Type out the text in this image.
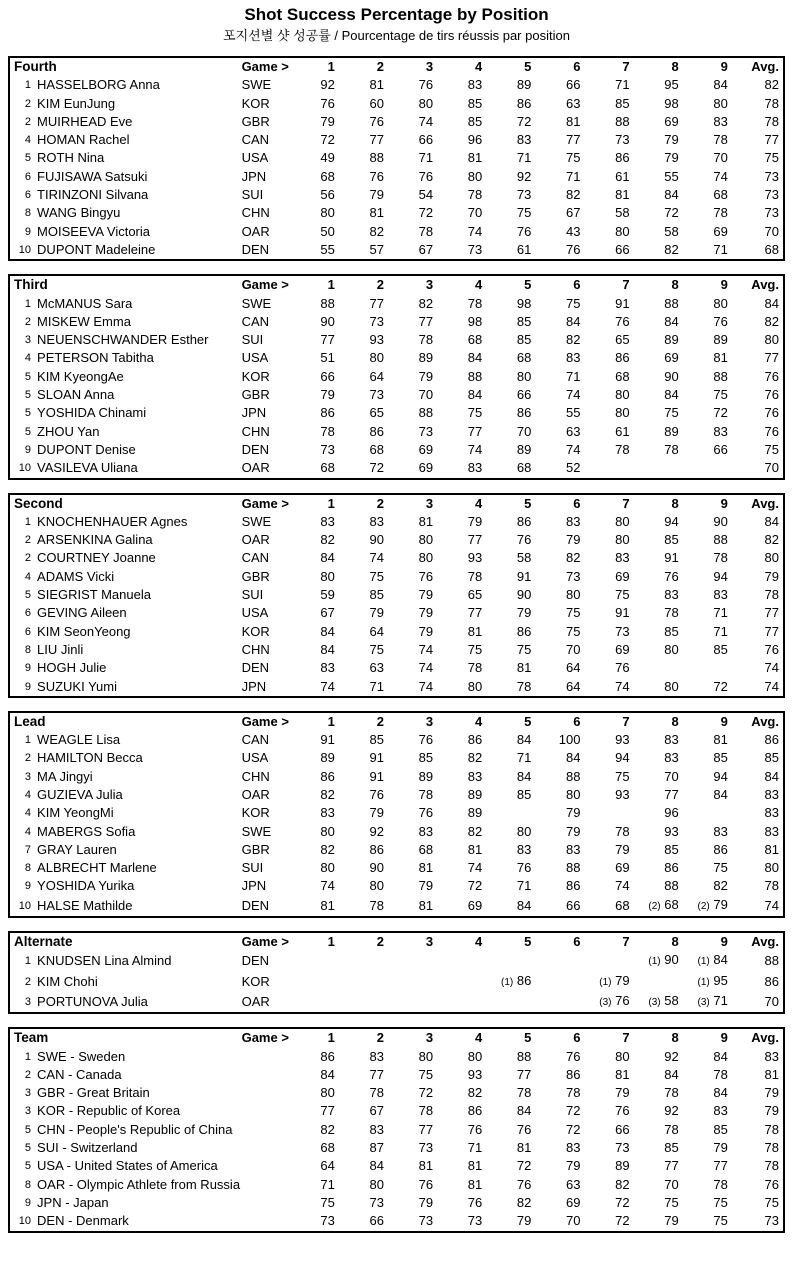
Shot Success Percentage by Position
포지션별 샷 성공률 / Pourcentage de tirs réussis par position
Fourth		Game >	1	2	3	4	5	6	7	8	9	Avg.
1	HASSELBORG Anna	SWE	92	81	76	83	89	66	71	95	84	82
2	KIM EunJung	KOR	76	60	80	85	86	63	85	98	80	78
2	MUIRHEAD Eve	GBR	79	76	74	85	72	81	88	69	83	78
4	HOMAN Rachel	CAN	72	77	66	96	83	77	73	79	78	77
5	ROTH Nina	USA	49	88	71	81	71	75	86	79	70	75
6	FUJISAWA Satsuki	JPN	68	76	76	80	92	71	61	55	74	73
6	TIRINZONI Silvana	SUI	56	79	54	78	73	82	81	84	68	73
8	WANG Bingyu	CHN	80	81	72	70	75	67	58	72	78	73
9	MOISEEVA Victoria	OAR	50	82	78	74	76	43	80	58	69	70
10	DUPONT Madeleine	DEN	55	57	67	73	61	76	66	82	71	68
Third		Game >	1	2	3	4	5	6	7	8	9	Avg.
1	McMANUS Sara	SWE	88	77	82	78	98	75	91	88	80	84
2	MISKEW Emma	CAN	90	73	77	98	85	84	76	84	76	82
3	NEUENSCHWANDER Esther	SUI	77	93	78	68	85	82	65	89	89	80
4	PETERSON Tabitha	USA	51	80	89	84	68	83	86	69	81	77
5	KIM KyeongAe	KOR	66	64	79	88	80	71	68	90	88	76
5	SLOAN Anna	GBR	79	73	70	84	66	74	80	84	75	76
5	YOSHIDA Chinami	JPN	86	65	88	75	86	55	80	75	72	76
5	ZHOU Yan	CHN	78	86	73	77	70	63	61	89	83	76
9	DUPONT Denise	DEN	73	68	69	74	89	74	78	78	66	75
10	VASILEVA Uliana	OAR	68	72	69	83	68	52				70
Second		Game >	1	2	3	4	5	6	7	8	9	Avg.
1	KNOCHENHAUER Agnes	SWE	83	83	81	79	86	83	80	94	90	84
2	ARSENKINA Galina	OAR	82	90	80	77	76	79	80	85	88	82
2	COURTNEY Joanne	CAN	84	74	80	93	58	82	83	91	78	80
4	ADAMS Vicki	GBR	80	75	76	78	91	73	69	76	94	79
5	SIEGRIST Manuela	SUI	59	85	79	65	90	80	75	83	83	78
6	GEVING Aileen	USA	67	79	79	77	79	75	91	78	71	77
6	KIM SeonYeong	KOR	84	64	79	81	86	75	73	85	71	77
8	LIU Jinli	CHN	84	75	74	75	75	70	69	80	85	76
9	HOGH Julie	DEN	83	63	74	78	81	64	76			74
9	SUZUKI Yumi	JPN	74	71	74	80	78	64	74	80	72	74
Lead		Game >	1	2	3	4	5	6	7	8	9	Avg.
1	WEAGLE Lisa	CAN	91	85	76	86	84	100	93	83	81	86
2	HAMILTON Becca	USA	89	91	85	82	71	84	94	83	85	85
3	MA Jingyi	CHN	86	91	89	83	84	88	75	70	94	84
4	GUZIEVA Julia	OAR	82	76	78	89	85	80	93	77	84	83
4	KIM YeongMi	KOR	83	79	76	89		79		96		83
4	MABERGS Sofia	SWE	80	92	83	82	80	79	78	93	83	83
7	GRAY Lauren	GBR	82	86	68	81	83	83	79	85	86	81
8	ALBRECHT Marlene	SUI	80	90	81	74	76	88	69	86	75	80
9	YOSHIDA Yurika	JPN	74	80	79	72	71	86	74	88	82	78
10	HALSE Mathilde	DEN	81	78	81	69	84	66	68	(2) 68	(2) 79	74
Alternate		Game >	1	2	3	4	5	6	7	8	9	Avg.
1	KNUDSEN Lina Almind	DEN								(1) 90	(1) 84	88
2	KIM Chohi	KOR					(1) 86		(1) 79		(1) 95	86
3	PORTUNOVA Julia	OAR							(3) 76	(3) 58	(3) 71	70
Team		Game >	1	2	3	4	5	6	7	8	9	Avg.
1	SWE - Sweden		86	83	80	80	88	76	80	92	84	83
2	CAN - Canada		84	77	75	93	77	86	81	84	78	81
3	GBR - Great Britain		80	78	72	82	78	78	79	78	84	79
3	KOR - Republic of Korea		77	67	78	86	84	72	76	92	83	79
5	CHN - People's Republic of China		82	83	77	76	76	72	66	78	85	78
5	SUI - Switzerland		68	87	73	71	81	83	73	85	79	78
5	USA - United States of America		64	84	81	81	72	79	89	77	77	78
8	OAR - Olympic Athlete from Russia		71	80	76	81	76	63	82	70	78	76
9	JPN - Japan		75	73	79	76	82	69	72	75	75	75
10	DEN - Denmark		73	66	73	73	79	70	72	79	75	73
